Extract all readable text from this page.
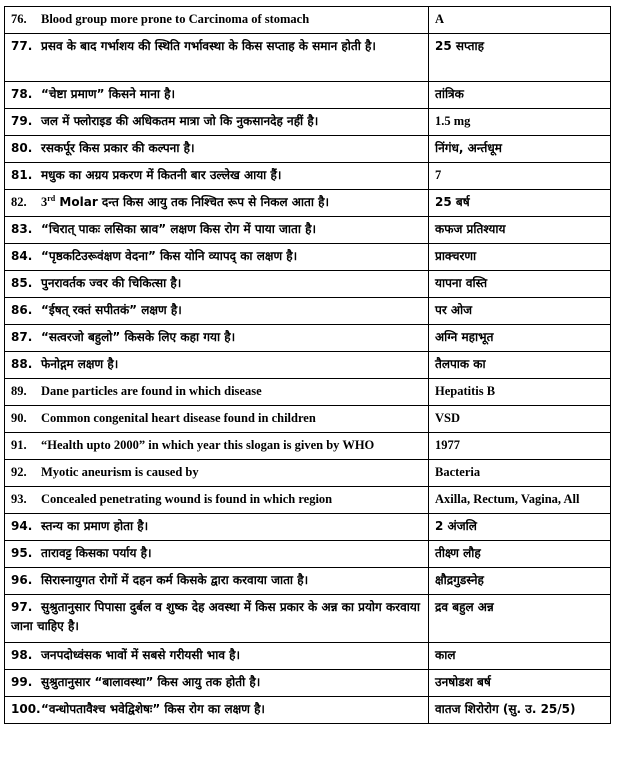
76. Blood group more prone to Carcinoma of stomach	A
77. प्रसव के बाद गर्भाशय की स्थिति गर्भावस्था के किस सप्ताह के समान होती है।	25 सप्ताह
78. “चेष्टा प्रमाण” किसने माना है।	तांत्रिक
79. जल में फ्लोराइड की अधिकतम मात्रा जो कि नुकसानदेह नहीं है।	1.5 mg
80. रसकर्पूर किस प्रकार की कल्पना है।	निंगंध, अर्न्तधूम
81. मधुक का अग्रय प्रकरण में कितनी बार उल्लेख आया हैं।	7
82. 3rd Molar दन्त किस आयु तक निश्चित रूप से निकल आता है।	25 बर्ष
83. “चिरात् पाकः लसिका स्राव” लक्षण किस रोग में पाया जाता है।	कफज प्रतिश्याय
84. “पृष्ठकटिउरूवंक्षण वेदना” किस योनि व्यापद् का लक्षण है।	प्राक्चरणा
85. पुनरावर्तक ज्वर की चिकित्सा है।	यापना वस्ति
86. “ईषत् रक्तं सपीतकं” लक्षण है।	पर ओज
87. “सत्वरजो बहुलो” किसके लिए कहा गया है।	अग्नि महाभूत
88. फेनोद्गम लक्षण है।	तैलपाक का
89. Dane particles are found in which disease	Hepatitis B
90. Common congenital heart disease found in children	VSD
91. “Health upto 2000” in which year this slogan is given by WHO	1977
92. Myotic aneurism is caused by	Bacteria
93. Concealed penetrating wound is found in which region	Axilla, Rectum, Vagina, All
94. स्तन्य का प्रमाण होता है।	2 अंजलि
95. तारावट्ट किसका पर्याय है।	तीक्ष्ण लौह
96. सिरास्नायुगत रोगों में दहन कर्म किसके द्वारा करवाया जाता है।	क्षौद्रगुडस्नेह
97. सुश्रुतानुसार पिपासा दुर्बल व शुष्क देह अवस्था में किस प्रकार के अन्न का प्रयोग करवाया जाना चाहिए है।	द्रव बहुल अन्न
98. जनपदोध्वंसक भावों में सबसे गरीयसी भाव है।	काल
99. सुश्रुतानुसार “बालावस्था” किस आयु तक होती है।	उनषोडश बर्ष
100.“वन्धोपतावैश्च भवेद्विशेषः” किस रोग का लक्षण है।	वातज शिरोरोग (सु. उ. 25/5)
